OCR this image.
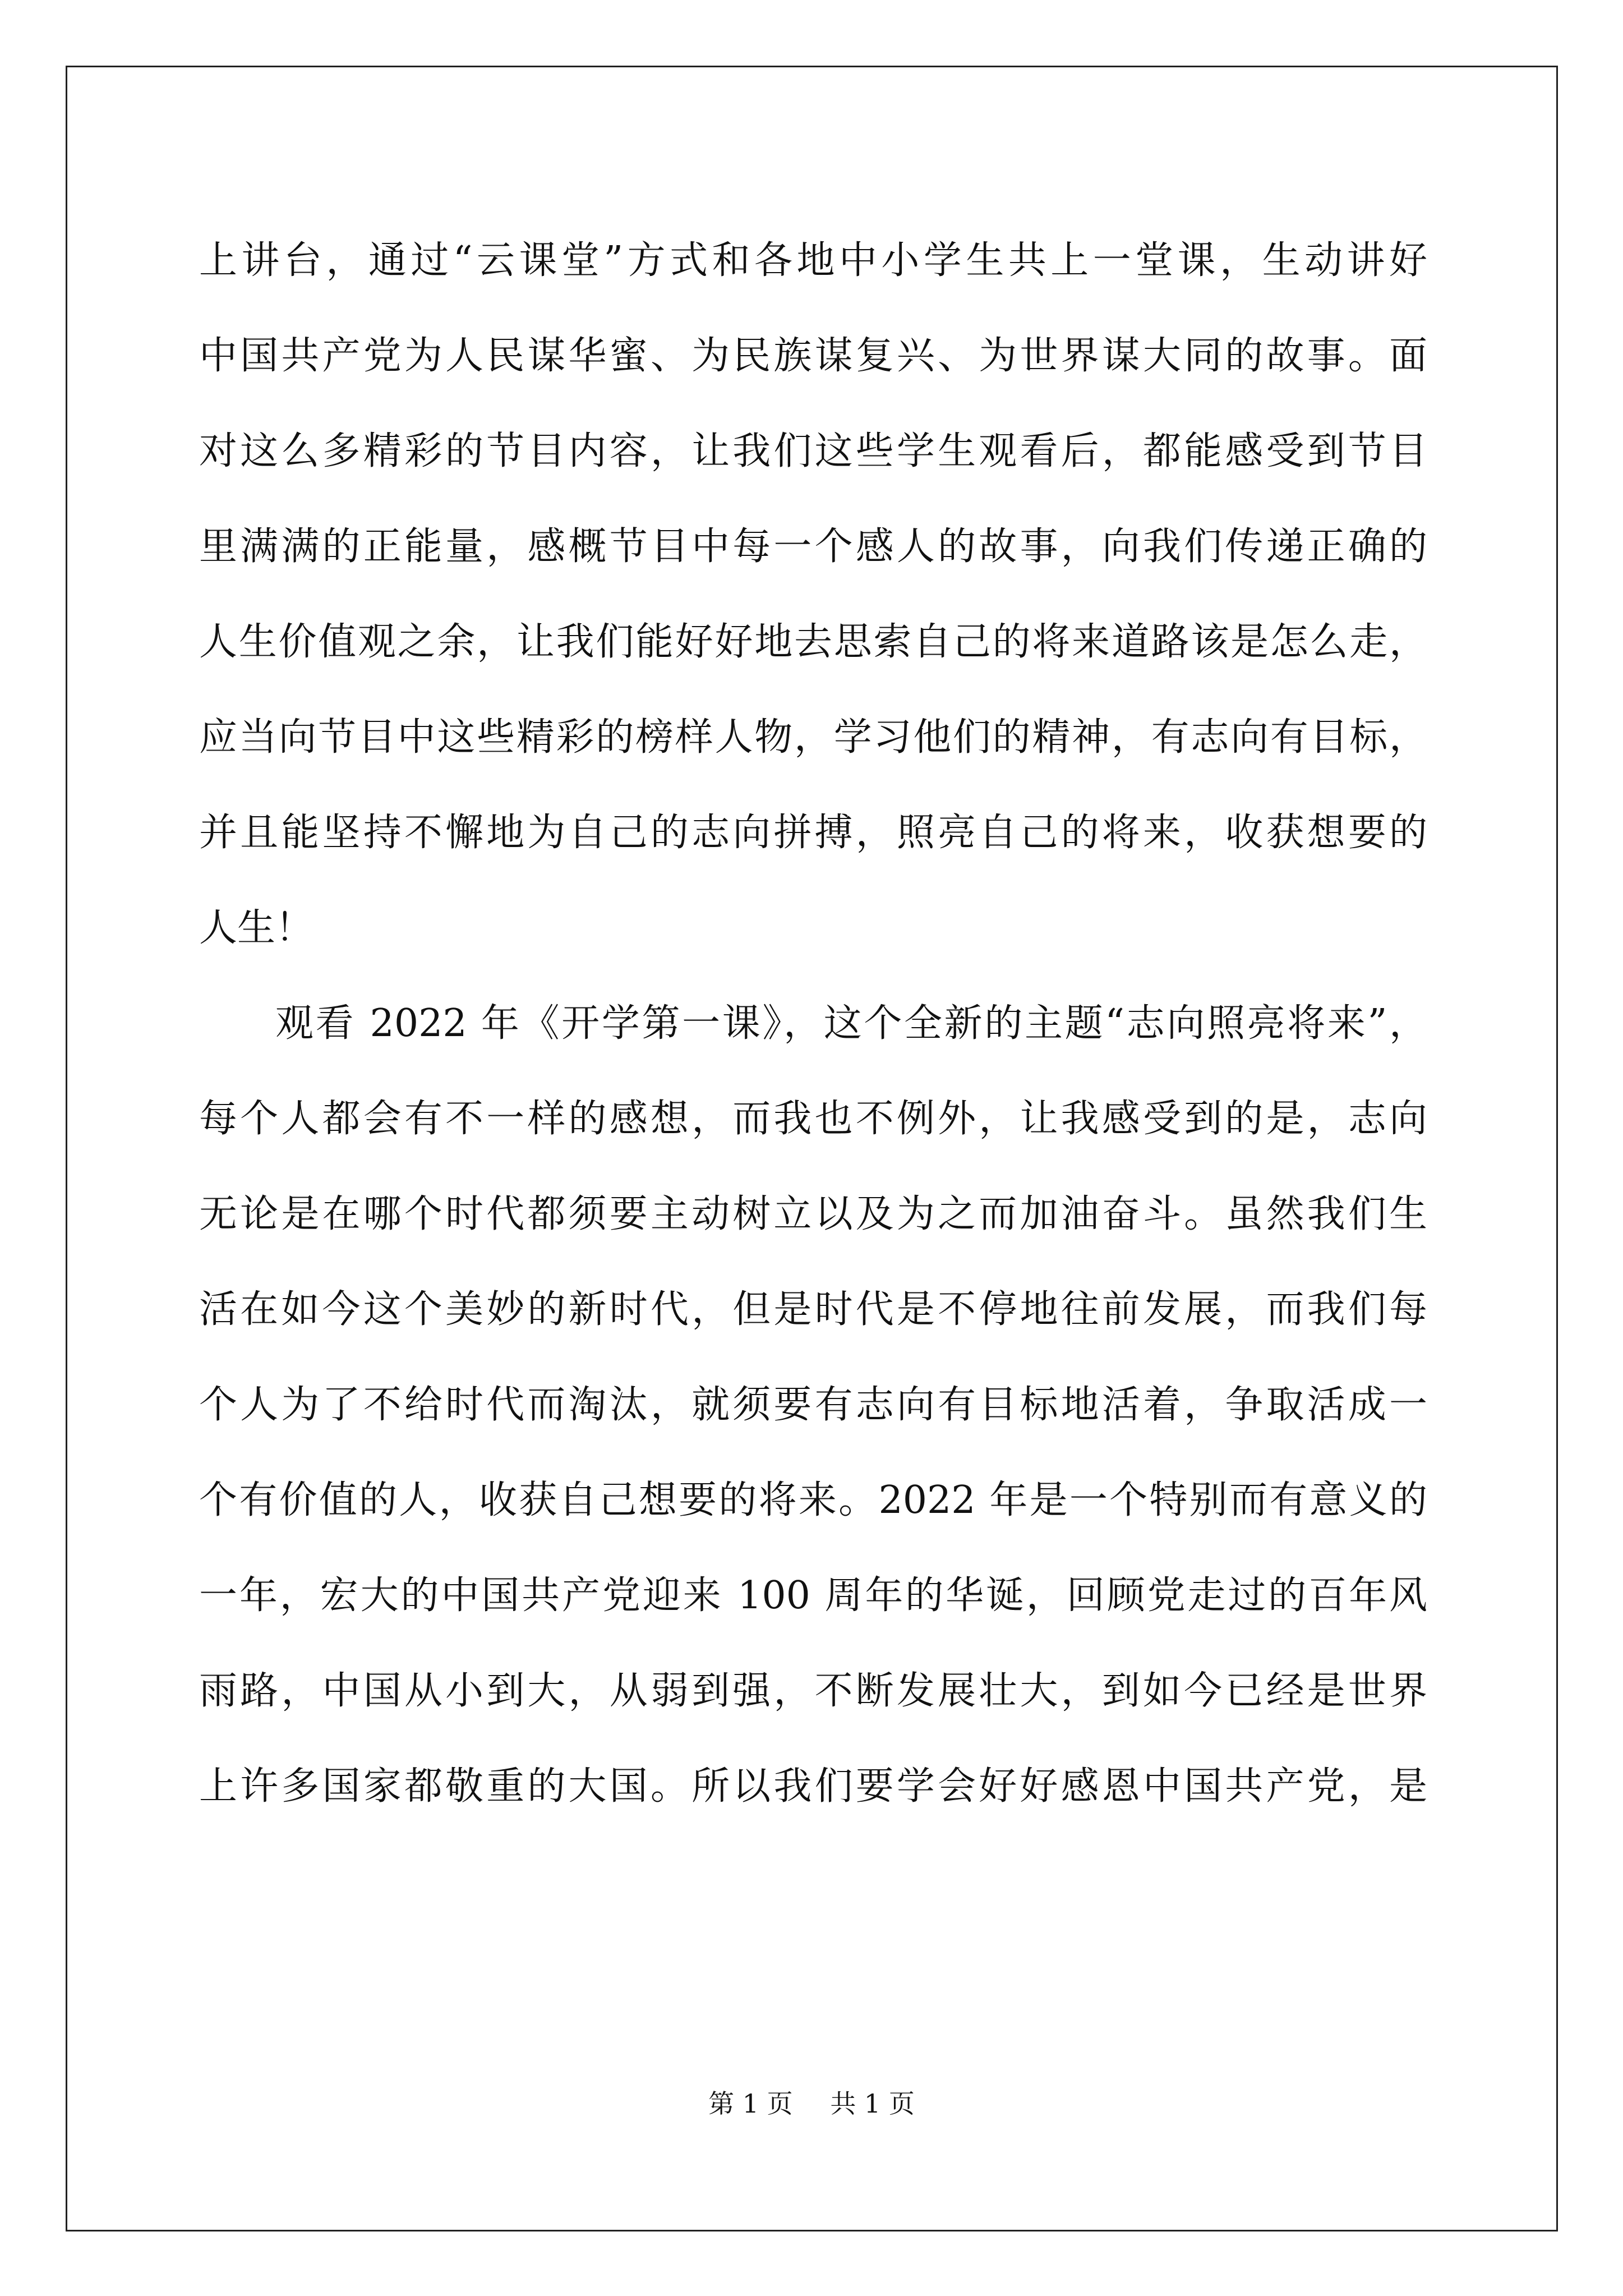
上讲台，通过“云课堂”方式和各地中小学生共上一堂课，生动讲好
中国共产党为人民谋华蜜、为民族谋复兴、为世界谋大同的故事。面
对这么多精彩的节目内容，让我们这些学生观看后，都能感受到节目
里满满的正能量，感概节目中每一个感人的故事，向我们传递正确的
人生价值观之余，让我们能好好地去思索自己的将来道路该是怎么走，
应当向节目中这些精彩的榜样人物，学习他们的精神，有志向有目标，
并且能坚持不懈地为自己的志向拼搏，照亮自己的将来，收获想要的
人生！
观看 2022 年《开学第一课》，这个全新的主题“志向照亮将来”，
每个人都会有不一样的感想，而我也不例外，让我感受到的是，志向
无论是在哪个时代都须要主动树立以及为之而加油奋斗。虽然我们生
活在如今这个美妙的新时代，但是时代是不停地往前发展，而我们每
个人为了不给时代而淘汰，就须要有志向有目标地活着，争取活成一
个有价值的人，收获自己想要的将来。2022 年是一个特别而有意义的
一年，宏大的中国共产党迎来 100 周年的华诞，回顾党走过的百年风
雨路，中国从小到大，从弱到强，不断发展壮大，到如今已经是世界
上许多国家都敬重的大国。所以我们要学会好好感恩中国共产党，是
第 1 页 共 1 页
